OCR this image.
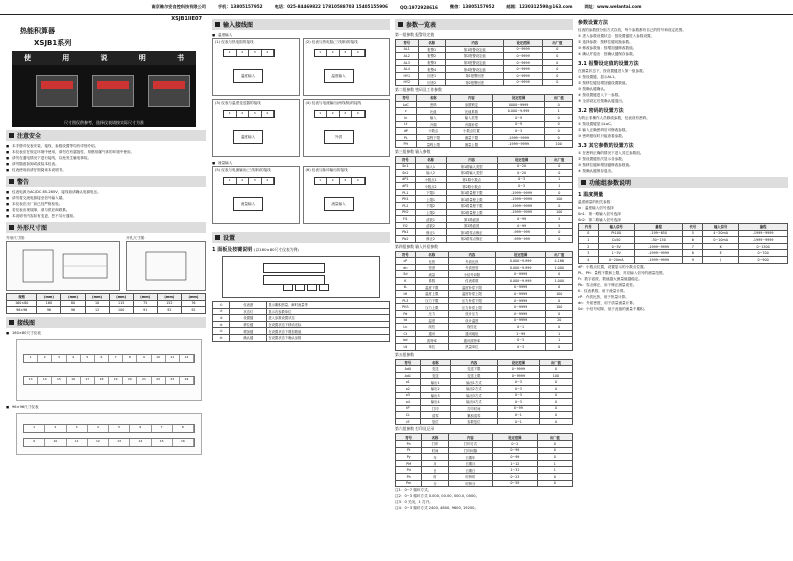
南京维尔安自控科技有限公司	手机：13805157952	电话：025-84469822 17810588703 15405155906	QQ:1972928616	微信：13805157952	邮箱：1230312598@163.com	网址：www.welantai.com
XSJB1IIE07
热能积算器
XSJB1系列
使	用	说	明	书
尺寸图仅供参考，选择仪表请按实际尺寸为准
注意安全
■ 本手册对仪表安装、接线、参数设置等均有详细介绍。
■ 本仪表应在规定环境中使用，请勿在有腐蚀性、易燃易爆气体的环境中使用。
■ 请勿在通电情况下进行接线，以免发生触电事故。
■ 请勿随意拆卸或改装本仪表。
■ 仪表使用前请仔细阅读本说明书。
警告
■ 仪表电源为AC/DC 85-265V，接线前请确认电源电压。
■ 请勿将交流电源接至信号输入端。
■ 本仪表在出厂前已经严格检验。
■ 若仪表出现故障，请与供应商联系。
■ 本说明书内容如有变更，恕不另行通知。
外形尺寸图
外形尺寸图：	开孔尺寸图：
规格	(mm)	(mm)	(mm)	(mm)	(mm)	(mm)	(mm)
160×80	160	80	10	115	75	152	76
96×96	96	96	12	100	91	92	92
接线图
■ 160×80尺寸仪表
1	2	3	4	5	6	7	8	9	10	11	12
13	14	15	16	17	18	19	20	21	22	23	24
■ 96×96尺寸仪表
1	2	3	4	5	6	7	8
9	10	11	12	13	14	15	16
输入接线图
■ 温度输入
(1) 仪表与热电阻的接线
1	2	3	4
温度输入
(2) 仪表与热电阻(三线制)的接线
1	2	3	4
温度输入
(3) 仪表与温度变送器的接线
1	2	3	4
温度输入
(4) 仪表与电流输出(两线制)的接线
1	2	3	4
外供
■ 流量输入
(5) 仪表与电流输出(三线制)的接线
1	2	3	4
流量输入
(6) 仪表与脉冲输出的接线
1	2	3	4
流量输入
设置
1 面板及按键说明 (以160×80尺寸仪表为例)
①	仪表窗	显示累积热量、瞬时流量等
②	状态灯	显示各参数单位
③	设置键	进入参数设置状态
④	移位键	在设置状态下移动光标
⑤	增加键	在设置状态下增加数值
⑥	确认键	在设置状态下确认参数
参数一览表
第一组参数 报警设定值
符号	名称	内容	设定范围	出厂值
AL1	报警1	第1报警设定值	0~9999	0
AL2	报警2	第2报警设定值	0~9999	0
AL3	报警3	第3报警设定值	0~9999	0
AL4	报警4	第4报警设定值	0~9999	0
HY1	回差1	第1报警回差	0~9999	0
HY2	回差2	第2报警回差	0~9999	0
第二组参数 密码及工作参数
符号	名称	内容	设定范围	出厂值
LoC	密码	参数锁定	0000~9999	0
c	比值	比值系数	0.000~9.999	1
In	输入	输入类型	0~9	0
Lt	冷端	冷端补偿	0~9	0
dP	小数点	小数点位置	0~3	0
PL	量程下限	测量下限	-1999~9999	0
PH	量程上限	测量上限	-1999~9999	100
第三组参数 输入参数
符号	名称	内容	设定范围	出厂值
Sn1	输入1	第1路输入类型	0~20	0
Sn2	输入2	第2路输入类型	0~20	0
dP1	小数点1	第1路小数点	0~3	1
dP2	小数点2	第2路小数点	0~3	1
PL1	下限1	第1路量程下限	-1999~9999	0
PH1	上限1	第1路量程上限	-1999~9999	100
PL2	下限2	第2路量程下限	-1999~9999	0
PH2	上限2	第2路量程上限	-1999~9999	100
Fi1	滤波1	第1路滤波	0~99	5
Fi2	滤波2	第2路滤波	0~99	5
Pb1	修正1	第1路零点修正	-999~999	0
Pb2	修正2	第2路零点修正	-999~999	0
第四组参数 输入补偿参数
符号	名称	内容	设定范围	出厂值
cP	比热	介质比热	0.000~9.999	4.186
dn	密度	介质密度	0.000~9.999	1.000
Sd	流量	小信号切除	0~9999	0
K	系数	仪表系数	0.000~9.999	1.000
tL	温度下限	温度补偿下限	0~9999	0
tH	温度上限	温度补偿上限	0~9999	100
PL3	压力下限	压力补偿下限	0~9999	0
PH3	压力上限	压力补偿上限	0~9999	100
Pd	压力	设计压力	0~9999	0
td	温度	设计温度	0~9999	20
Ln	线性	线性化	0~1	0
Ct	通讯	通讯地址	1~99	1
bd	波特率	通讯波特率	0~3	1
Ut	单位	热量单位	0~3	0
第五组参数
符号	名称	内容	设定范围	出厂值
Ad0	变送	变送下限	0~9999	0
Ad1	变送	变送上限	0~9999	100
o1	输出1	输出1方式	0~3	0
o2	输出2	输出2方式	0~3	0
o3	输出3	输出3方式	0~3	0
o4	输出4	输出4方式	0~3	0
tP	打印	打印时间	0~99	0
CL	清零	累积清零	0~1	0
rE	复位	参数复位	0~1	0
第六组参数 打印及记录
符号	名称	内容	设定范围	出厂值
Pn	打印	打印方式	0~2	0
Pt	时间	打印间隔	0~99	0
Py	年	日期年	0~99	0
PM	月	日期月	1~12	1
Pd	日	日期日	1~31	1
Ph	时	时钟时	0~23	0
Pm	分	时钟分	0~59	0
注1：0~7 循环方式。
注2：0~3 循环方式 0.000, 00.00, 000.0, 0000。
注3：0 关闭，1 打开。
注4：0~3 循环方式 2400, 4800, 9600, 19200。
参数设置方法
仪表的参数按分组方式存放，每个参数都有自己的符号和设定范围。
① 进入参数设置状态：按设置键进入参数设置。
② 选择参数：按移位键切换参数。
③ 修改参数值：按增加键修改数值。
④ 确认并退出：按确认键保存参数。
3.1 报警设定值的设置方法
在测量状态下，按设置键进入第一组参数。
① 按设置键，显示AL1。
② 按移位键及增加键设置数值。
③ 按确认键确认。
④ 按设置键进入下一参数。
⑤ 全部设定后按确认键退出。
3.2 密码的设置方法
为防止非操作人员修改参数，仪表设有密码。
① 按设置键显示LoC。
② 输入正确密码后可修改参数。
③ 密码错误时只能查看参数。
3.3 其它参数的设置方法
① 在密码正确的情况下进入其它参数组。
② 按设置键依次显示各参数。
③ 按移位键和增加键修改参数值。
④ 按确认键保存退出。
功能组参数说明
1 温度测量
温度测量的相关参数：
In：温度输入信号选择
Sn1：第一路输入信号选择
Sn2：第二路输入信号选择
代号	输入信号	量程	代号	输入信号	量程
0	Pt100	-199~650	5	4~20mA	-1999~9999
1	Cu50	-50~150	6	0~10mA	-1999~9999
2	0~5V	-1999~9999	7	K	0~1300
3	1~5V	-1999~9999	8	E	0~700
4	0~20mA	-1999~9999	9	J	0~900
dP：小数点位置，设置显示的小数点位置。
PL、PH：量程下限和上限，对应输入信号的测量范围。
Fi：数字滤波，数值越大测量值越稳定。
Pb：零点修正，用于修正测量误差。
K：仪表系数，用于流量计算。
cP：介质比热，用于热量计算。
dn：介质密度，用于质量流量计算。
Sd：小信号切除，低于此值的流量不累积。
